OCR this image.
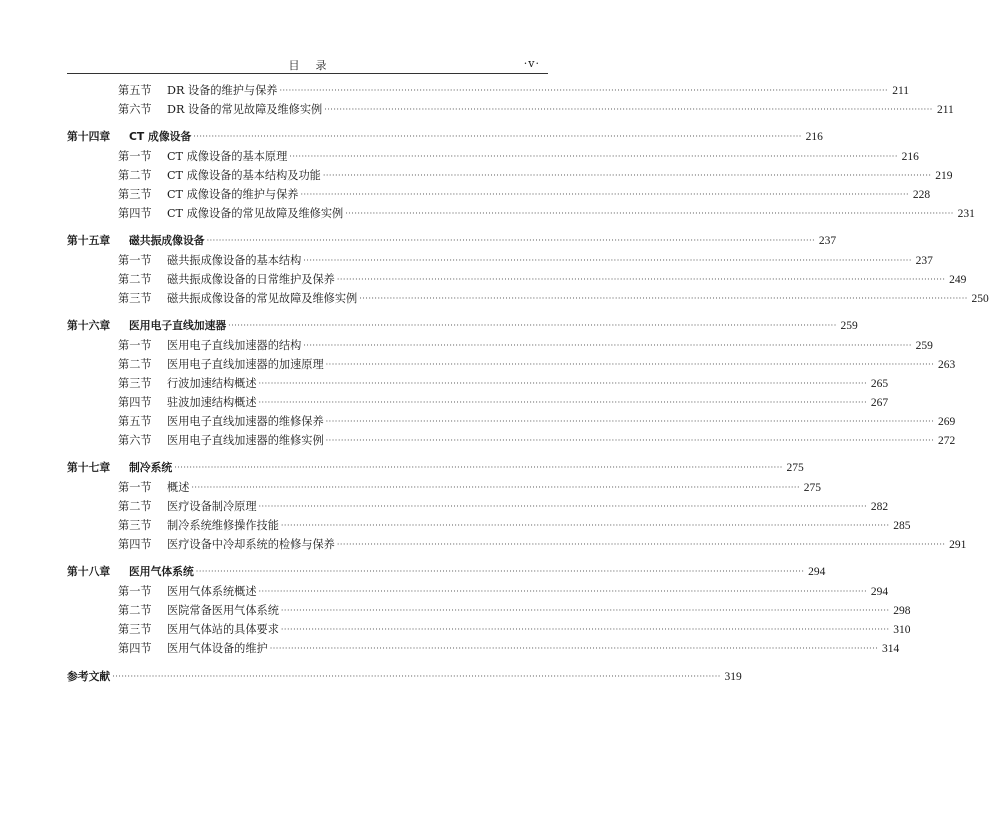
目录	·v·
第五节	DR 设备的维护与保养 ········································································································································································································ 211
第六节	DR 设备的常见故障及维修实例 ········································································································································································································ 211
第十四章	CT 成像设备 ········································································································································································································ 216
第一节	CT 成像设备的基本原理 ········································································································································································································ 216
第二节	CT 成像设备的基本结构及功能 ········································································································································································································ 219
第三节	CT 成像设备的维护与保养 ········································································································································································································ 228
第四节	CT 成像设备的常见故障及维修实例 ········································································································································································································ 231
第十五章	磁共振成像设备 ········································································································································································································ 237
第一节	磁共振成像设备的基本结构 ········································································································································································································ 237
第二节	磁共振成像设备的日常维护及保养 ········································································································································································································ 249
第三节	磁共振成像设备的常见故障及维修实例 ········································································································································································································ 250
第十六章	医用电子直线加速器 ········································································································································································································ 259
第一节	医用电子直线加速器的结构 ········································································································································································································ 259
第二节	医用电子直线加速器的加速原理 ········································································································································································································ 263
第三节	行波加速结构概述 ········································································································································································································ 265
第四节	驻波加速结构概述 ········································································································································································································ 267
第五节	医用电子直线加速器的维修保养 ········································································································································································································ 269
第六节	医用电子直线加速器的维修实例 ········································································································································································································ 272
第十七章	制冷系统 ········································································································································································································ 275
第一节	概述 ········································································································································································································ 275
第二节	医疗设备制冷原理 ········································································································································································································ 282
第三节	制冷系统维修操作技能 ········································································································································································································ 285
第四节	医疗设备中冷却系统的检修与保养 ········································································································································································································ 291
第十八章	医用气体系统 ········································································································································································································ 294
第一节	医用气体系统概述 ········································································································································································································ 294
第二节	医院常备医用气体系统 ········································································································································································································ 298
第三节	医用气体站的具体要求 ········································································································································································································ 310
第四节	医用气体设备的维护 ········································································································································································································ 314
参考文献 ········································································································································································································ 319
